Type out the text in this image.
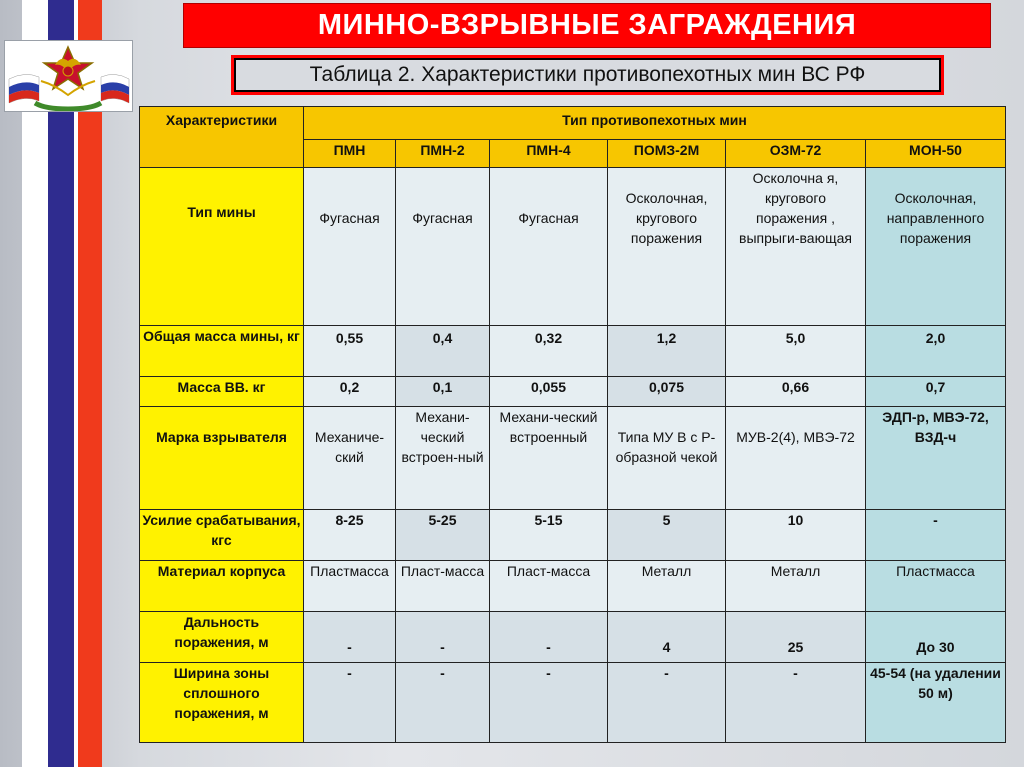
МИННО-ВЗРЫВНЫЕ ЗАГРАЖДЕНИЯ
Таблица 2. Характеристики противопехотных мин ВС РФ
Характеристики	Тип противопехотных мин					
	ПМН	ПМН-2	ПМН-4	ПОМЗ-2М	ОЗМ-72	МОН-50
Тип мины	Фугасная	Фугасная	Фугасная	Осколочная, кругового поражения	Осколочна я, кругового поражения , выпрыги-вающая	Осколочная, направленного поражения
Общая масса мины, кг	0,55	0,4	0,32	1,2	5,0	2,0
Масса ВВ. кг	0,2	0,1	0,055	0,075	0,66	0,7
Марка взрывателя	Механиче-ский	Механи-ческий встроен-ный	Механи-ческий встроенный	Типа МУ В с Р- образной чекой	МУВ-2(4), МВЭ-72	ЭДП-р, МВЭ-72, ВЗД-ч
Усилие срабатывания, кгс	8-25	5-25	5-15	5	10	-
Материал корпуса	Пластмасса	Пласт-масса	Пласт-масса	Металл	Металл	Пластмасса
Дальность поражения, м	-	-	-	4	25	До 30
Ширина зоны сплошного поражения, м	-	-	-	-	-	45-54 (на удалении 50 м)
